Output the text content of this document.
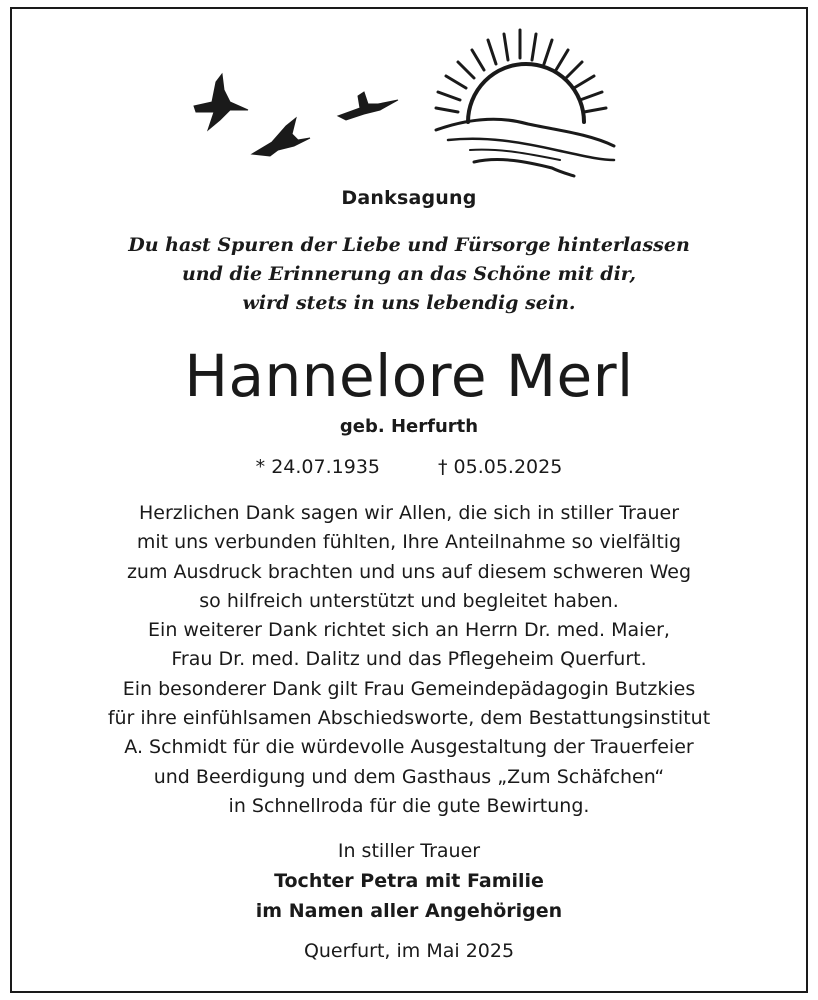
Danksagung
Du hast Spuren der Liebe und Fürsorge hinterlassen
und die Erinnerung an das Schöne mit dir,
wird stets in uns lebendig sein.
Hannelore Merl
geb. Herfurth
* 24.07.1935	† 05.05.2025
Herzlichen Dank sagen wir Allen, die sich in stiller Trauer
mit uns verbunden fühlten, Ihre Anteilnahme so vielfältig
zum Ausdruck brachten und uns auf diesem schweren Weg
so hilfreich unterstützt und begleitet haben.
Ein weiterer Dank richtet sich an Herrn Dr. med. Maier,
Frau Dr. med. Dalitz und das Pflegeheim Querfurt.
Ein besonderer Dank gilt Frau Gemeindepädagogin Butzkies
für ihre einfühlsamen Abschiedsworte, dem Bestattungsinstitut
A. Schmidt für die würdevolle Ausgestaltung der Trauerfeier
und Beerdigung und dem Gasthaus „Zum Schäfchen“
in Schnellroda für die gute Bewirtung.
In stiller Trauer
Tochter Petra mit Familie
im Namen aller Angehörigen
Querfurt, im Mai 2025
